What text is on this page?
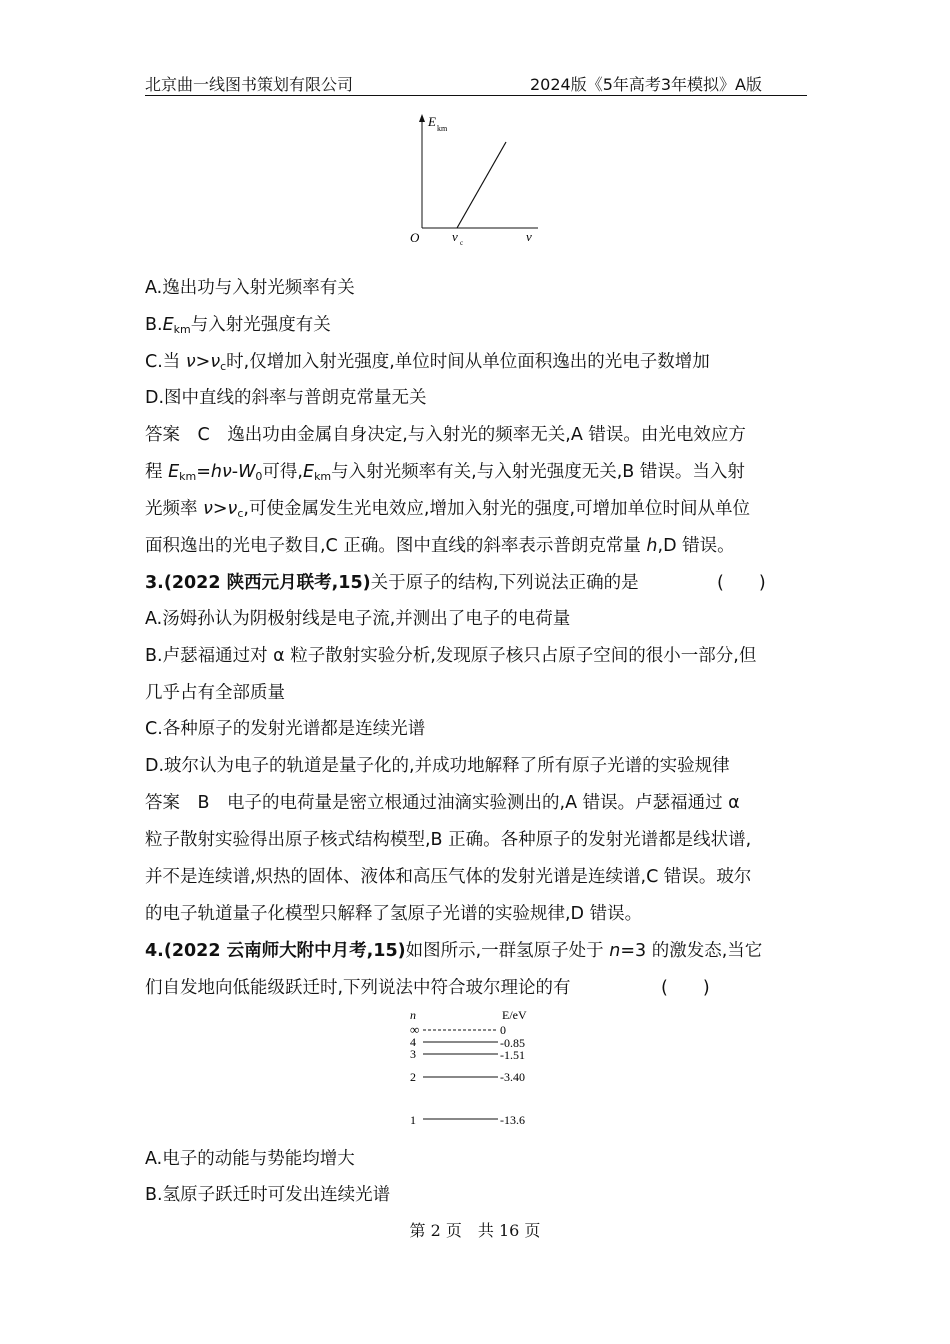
北京曲一线图书策划有限公司	2024版《5年高考3年模拟》A版
E km
O	ν c	ν
A.逸出功与入射光频率有关
$B.E_{km}$与入射光强度有关
C.当 $\nu>\nu_c$时,仅增加入射光强度,单位时间从单位面积逸出的光电子数增加
D.图中直线的斜率与普朗克常量无关
答案　C　逸出功由金属自身决定,与入射光的频率无关,A 错误。由光电效应方
程 $E_{km}=h\nu-W_0$可得$,E_{km}$与入射光频率有关,与入射光强度无关,B 错误。当入射
光频率 $\nu>\nu_c$,可使金属发生光电效应,增加入射光的强度,可增加单位时间从单位
面积逸出的光电子数目,C 正确。图中直线的斜率表示普朗克常量 h,D 错误。
3.(2022 陕西元月联考,15)关于原子的结构,下列说法正确的是	(　　)
A.汤姆孙认为阴极射线是电子流,并测出了电子的电荷量
B.卢瑟福通过对 α 粒子散射实验分析,发现原子核只占原子空间的很小一部分,但
几乎占有全部质量
C.各种原子的发射光谱都是连续光谱
D.玻尔认为电子的轨道是量子化的,并成功地解释了所有原子光谱的实验规律
答案　B　电子的电荷量是密立根通过油滴实验测出的,A 错误。卢瑟福通过 α
粒子散射实验得出原子核式结构模型,B 正确。各种原子的发射光谱都是线状谱,
并不是连续谱,炽热的固体、液体和高压气体的发射光谱是连续谱,C 错误。玻尔
的电子轨道量子化模型只解释了氢原子光谱的实验规律,D 错误。
4.(2022 云南师大附中月考,15)如图所示,一群氢原子处于 n=3 的激发态,当它
们自发地向低能级跃迁时,下列说法中符合玻尔理论的有	(　　)
n	E/eV
∞	0
4	-0.85
3	-1.51
2	-3.40
1	-13.6
A.电子的动能与势能均增大
B.氢原子跃迁时可发出连续光谱
第 2 页　共 16 页
